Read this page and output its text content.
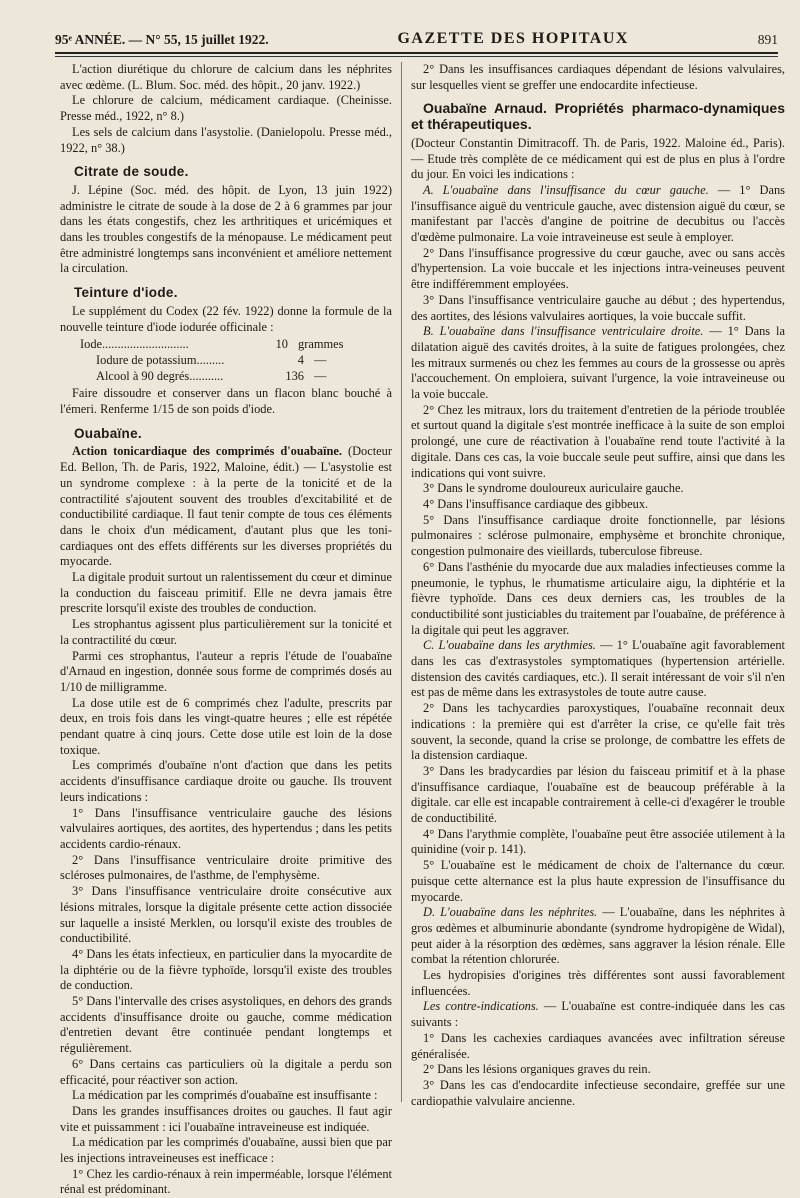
95ᵉ ANNÉE. — N° 55, 15 juillet 1922.	GAZETTE DES HOPITAUX	891

L'action diurétique du chlorure de calcium dans les néphrites avec œdème. (L. Blum. Soc. méd. des hôpit., 20 janv. 1922.)

Le chlorure de calcium, médicament cardiaque. (Cheinisse. Presse méd., 1922, n° 8.)

Les sels de calcium dans l'asystolie. (Danielopolu. Presse méd., 1922, n° 38.)

Citrate de soude.

J. Lépine (Soc. méd. des hôpit. de Lyon, 13 juin 1922) administre le citrate de soude à la dose de 2 à 6 grammes par jour dans les états congestifs, chez les arthritiques et uricémiques et dans les troubles congestifs de la ménopause. Le médicament peut être administré longtemps sans inconvénient et améliore nettement la circulation.

Teinture d'iode.

Le supplément du Codex (22 fév. 1922) donne la formule de la nouvelle teinture d'iode iodurée officinale :

Iode............................	10 grammes
Iodure de potassium.........	4 —
Alcool à 90 degrés...........	136 —

Faire dissoudre et conserver dans un flacon blanc bouché à l'émeri. Renferme 1/15 de son poids d'iode.

Ouabaïne.

Action tonicardiaque des comprimés d'ouabaïne. (Docteur Ed. Bellon, Th. de Paris, 1922, Maloine, édit.) — L'asystolie est un syndrome complexe : à la perte de la tonicité et de la contractilité s'ajoutent souvent des troubles d'excitabilité et de conductibilité cardiaque. Il faut tenir compte de tous ces éléments dans le choix d'un médicament, d'autant plus que les toni-cardiaques ont des effets différents sur les diverses propriétés du myocarde.

La digitale produit surtout un ralentissement du cœur et diminue la conduction du faisceau primitif. Elle ne devra jamais être prescrite lorsqu'il existe des troubles de conduction.

Les strophantus agissent plus particulièrement sur la tonicité et la contractilité du cœur.

Parmi ces strophantus, l'auteur a repris l'étude de l'ouabaïne d'Arnaud en ingestion, donnée sous forme de comprimés dosés au 1/10 de milligramme.

La dose utile est de 6 comprimés chez l'adulte, prescrits par deux, en trois fois dans les vingt-quatre heures ; elle est répétée pendant quatre à cinq jours. Cette dose utile est loin de la dose toxique.

Les comprimés d'oubaïne n'ont d'action que dans les petits accidents d'insuffisance cardiaque droite ou gauche. Ils trouvent leurs indications :

1° Dans l'insuffisance ventriculaire gauche des lésions valvulaires aortiques, des aortites, des hypertendus ; dans les petits accidents cardio-rénaux.

2° Dans l'insuffisance ventriculaire droite primitive des scléroses pulmonaires, de l'asthme, de l'emphysème.

3° Dans l'insuffisance ventriculaire droite consécutive aux lésions mitrales, lorsque la digitale présente cette action dissociée sur laquelle a insisté Merklen, ou lorsqu'il existe des troubles de conductibilité.

4° Dans les états infectieux, en particulier dans la myocardite de la diphtérie ou de la fièvre typhoïde, lorsqu'il existe des troubles de conduction.

5° Dans l'intervalle des crises asystoliques, en dehors des grands accidents d'insuffisance droite ou gauche, comme médication d'entretien devant être continuée pendant longtemps et régulièrement.

6° Dans certains cas particuliers où la digitale a perdu son efficacité, pour réactiver son action.

La médication par les comprimés d'ouabaïne est insuffisante :

Dans les grandes insuffisances droites ou gauches. Il faut agir vite et puissamment : ici l'ouabaïne intraveineuse est indiquée.

La médication par les comprimés d'ouabaïne, aussi bien que par les injections intraveineuses est inefficace :

1° Chez les cardio-rénaux à rein imperméable, lorsque l'élément rénal est prédominant.

2° Dans les insuffisances cardiaques dépendant de lésions valvulaires, sur lesquelles vient se greffer une endocardite infectieuse.

Ouabaïne Arnaud. Propriétés pharmaco-dynamiques et thérapeutiques.

(Docteur Constantin Dimitracoff. Th. de Paris, 1922. Maloine éd., Paris). — Etude très complète de ce médicament qui est de plus en plus à l'ordre du jour. En voici les indications :

A. L'ouabaïne dans l'insuffisance du cœur gauche. — 1° Dans l'insuffisance aiguë du ventricule gauche, avec distension aiguë du cœur, se manifestant par l'accès d'angine de poitrine de decubitus ou l'accès d'œdème pulmonaire. La voie intraveineuse est seule à employer.

2° Dans l'insuffisance progressive du cœur gauche, avec ou sans accès d'hypertension. La voie buccale et les injections intra-veineuses peuvent être indifféremment employées.

3° Dans l'insuffisance ventriculaire gauche au début ; des hypertendus, des aortites, des lésions valvulaires aortiques, la voie buccale suffit.

B. L'ouabaïne dans l'insuffisance ventriculaire droite. — 1° Dans la dilatation aiguë des cavités droites, à la suite de fatigues prolongées, chez les mitraux surmenés ou chez les femmes au cours de la grossesse ou après l'accouchement. On emploiera, suivant l'urgence, la voie intraveineuse ou la voie buccale.

2° Chez les mitraux, lors du traitement d'entretien de la période troublée et surtout quand la digitale s'est montrée inefficace à la suite de son emploi prolongé, une cure de réactivation à l'ouabaïne rend toute l'activité à la digitale. Dans ces cas, la voie buccale seule peut suffire, ainsi que dans les indications qui vont suivre.

3° Dans le syndrome douloureux auriculaire gauche.

4° Dans l'insuffisance cardiaque des gibbeux.

5° Dans l'insuffisance cardiaque droite fonctionnelle, par lésions pulmonaires : sclérose pulmonaire, emphysème et bronchite chronique, congestion pulmonaire des vieillards, tuberculose fibreuse.

6° Dans l'asthénie du myocarde due aux maladies infectieuses comme la pneumonie, le typhus, le rhumatisme articulaire aigu, la diphtérie et la fièvre typhoïde. Dans ces deux derniers cas, les troubles de la conductibilité sont justiciables du traitement par l'ouabaïne, de préférence à la digitale qui peut les aggraver.

C. L'ouabaïne dans les arythmies. — 1° L'ouabaïne agit favorablement dans les cas d'extrasystoles symptomatiques (hypertension artérielle. distension des cavités cardiaques, etc.). Il serait intéressant de voir s'il n'en est pas de même dans les extrasystoles de toute autre cause.

2° Dans les tachycardies paroxystiques, l'ouabaïne reconnait deux indications : la première qui est d'arrêter la crise, ce qu'elle fait très souvent, la seconde, quand la crise se prolonge, de combattre les effets de la distension cardiaque.

3° Dans les bradycardies par lésion du faisceau primitif et à la phase d'insuffisance cardiaque, l'ouabaïne est de beaucoup préférable à la digitale. car elle est incapable contrairement à celle-ci d'exagérer le trouble de conductibilité.

4° Dans l'arythmie complète, l'ouabaïne peut être associée utilement à la quinidine (voir p. 141).

5° L'ouabaïne est le médicament de choix de l'alternance du cœur. puisque cette alternance est la plus haute expression de l'insuffisance du myocarde.

D. L'ouabaïne dans les néphrites. — L'ouabaïne, dans les néphrites à gros œdèmes et albuminurie abondante (syndrome hydropigène de Widal), peut aider à la résorption des œdèmes, sans aggraver la lésion rénale. Elle combat la rétention chlorurée.

Les hydropisies d'origines très différentes sont aussi favorablement influencées.

Les contre-indications. — L'ouabaïne est contre-indiquée dans les cas suivants :

1° Dans les cachexies cardiaques avancées avec infiltration séreuse généralisée.

2° Dans les lésions organiques graves du rein.

3° Dans les cas d'endocardite infectieuse secondaire, greffée sur une cardiopathie valvulaire ancienne.
